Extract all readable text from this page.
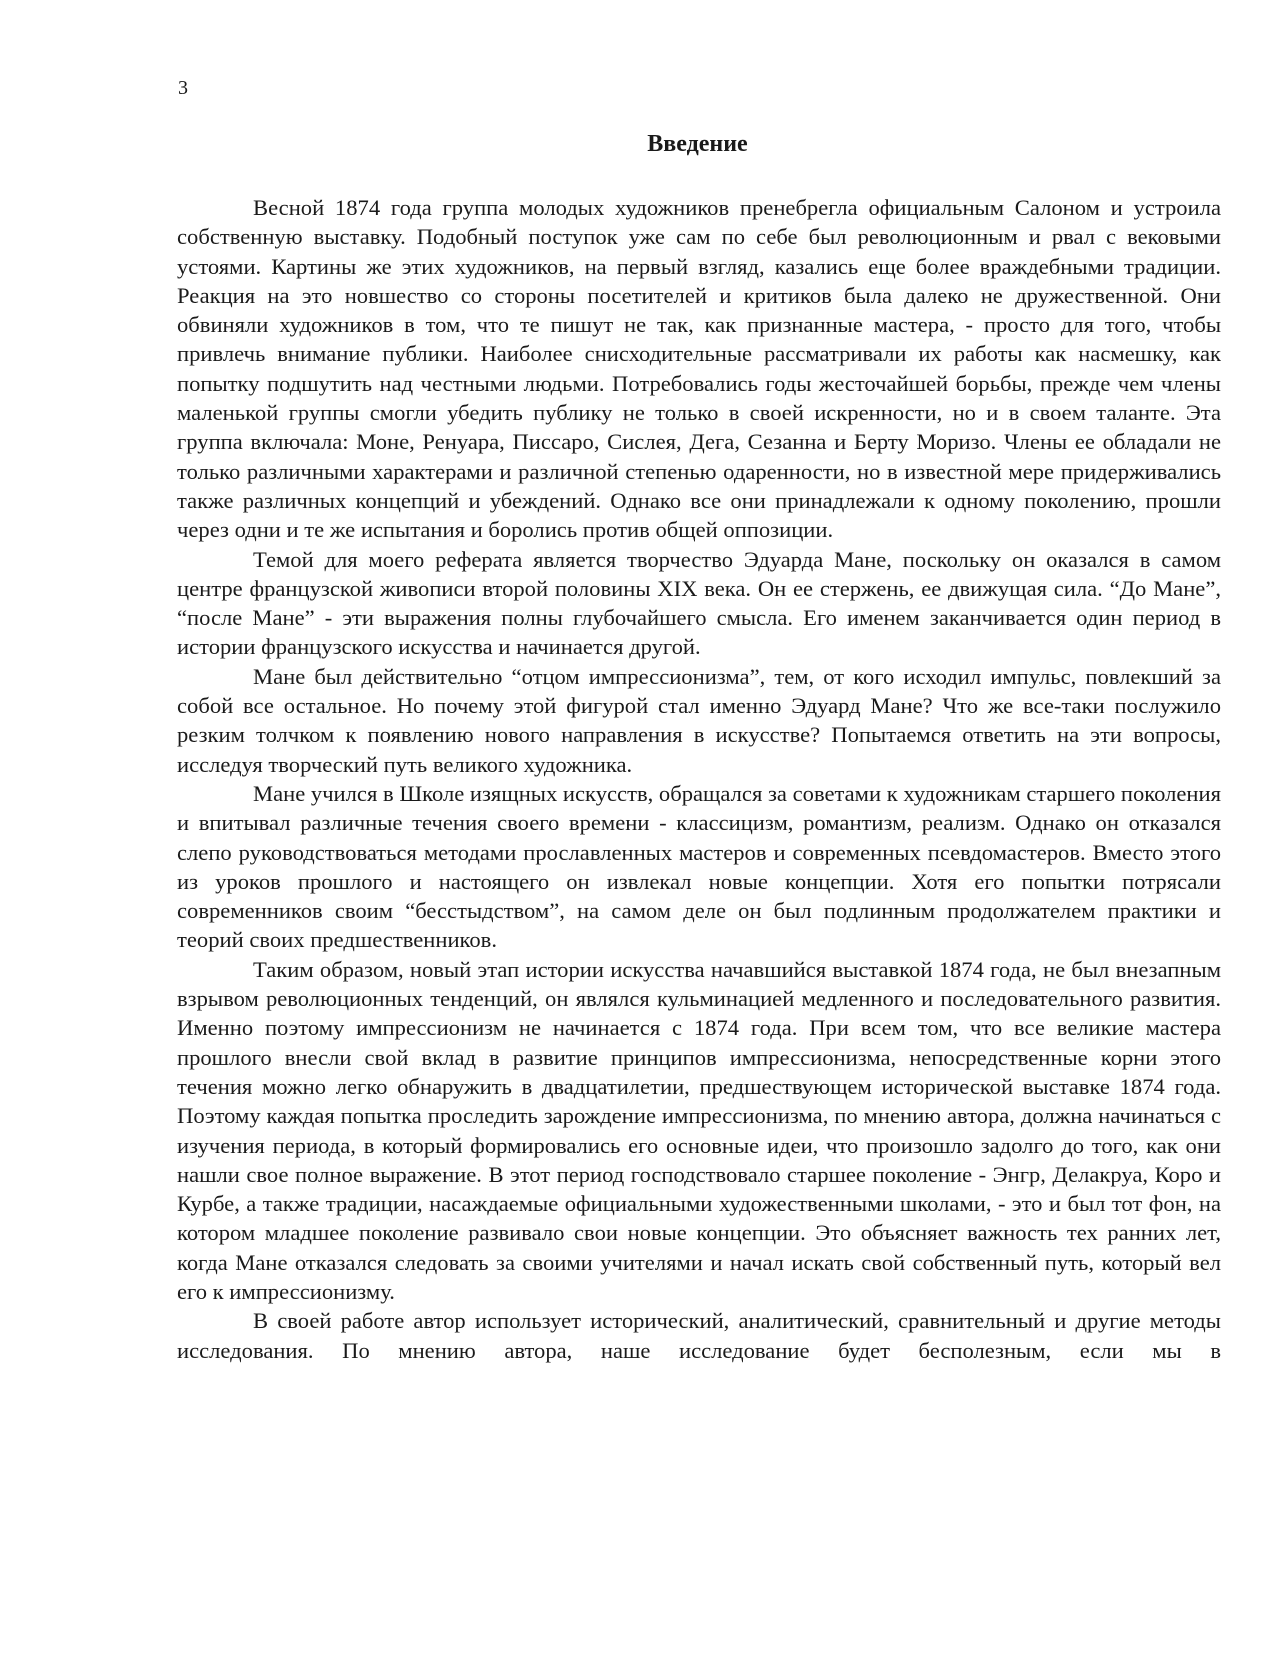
3
Введение

Весной 1874 года группа молодых художников пренебрегла официальным Салоном и устроила собственную выставку. Подобный поступок уже сам по себе был революционным и рвал с вековыми устоями. Картины же этих художников, на первый взгляд, казались еще более враждебными традиции. Реакция на это новшество со стороны посетителей и критиков была далеко не дружественной. Они обвиняли художников в том, что те пишут не так, как признанные мастера, - просто для того, чтобы привлечь внимание публики. Наиболее снисходительные рассматривали их работы как насмешку, как попытку подшутить над честными людьми. Потребовались годы жесточайшей борьбы, прежде чем члены маленькой группы смогли убедить публику не только в своей искренности, но и в своем таланте. Эта группа включала: Моне, Ренуара, Писсаро, Сислея, Дега, Сезанна и Берту Моризо. Члены ее обладали не только различными характерами и различной степенью одаренности, но в известной мере придерживались также различных концепций и убеждений. Однако все они принадлежали к одному поколению, прошли через одни и те же испытания и боролись против общей оппозиции.

Темой для моего реферата является творчество Эдуарда Мане, поскольку он оказался в самом центре французской живописи второй половины XIX века. Он ее стержень, ее движущая сила. “До Мане”, “после Мане” - эти выражения полны глубочайшего смысла. Его именем заканчивается один период в истории французского искусства и начинается другой.

Мане был действительно “отцом импрессионизма”, тем, от кого исходил импульс, повлекший за собой все остальное. Но почему этой фигурой стал именно Эдуард Мане? Что же все-таки послужило резким толчком к появлению нового направления в искусстве? Попытаемся ответить на эти вопросы, исследуя творческий путь великого художника.

Мане учился в Школе изящных искусств, обращался за советами к художникам старшего поколения и впитывал различные течения своего времени - классицизм, романтизм, реализм. Однако он отказался слепо руководствоваться методами прославленных мастеров и современных псевдомастеров. Вместо этого из уроков прошлого и настоящего он извлекал новые концепции. Хотя его попытки потрясали современников своим “бесстыдством”, на самом деле он был подлинным продолжателем практики и теорий своих предшественников.

Таким образом, новый этап истории искусства начавшийся выставкой 1874 года, не был внезапным взрывом революционных тенденций, он являлся кульминацией медленного и последовательного развития. Именно поэтому импрессионизм не начинается с 1874 года. При всем том, что все великие мастера прошлого внесли свой вклад в развитие принципов импрессионизма, непосредственные корни этого течения можно легко обнаружить в двадцатилетии, предшествующем исторической выставке 1874 года. Поэтому каждая попытка проследить зарождение импрессионизма, по мнению автора, должна начинаться с изучения периода, в который формировались его основные идеи, что произошло задолго до того, как они нашли свое полное выражение. В этот период господствовало старшее поколение - Энгр, Делакруа, Коро и Курбе, а также традиции, насаждаемые официальными художественными школами, - это и был тот фон, на котором младшее поколение развивало свои новые концепции. Это объясняет важность тех ранних лет, когда Мане отказался следовать за своими учителями и начал искать свой собственный путь, который вел его к импрессионизму.

В своей работе автор использует исторический, аналитический, сравнительный и другие методы исследования. По мнению автора, наше исследование будет бесполезным, если мы в
